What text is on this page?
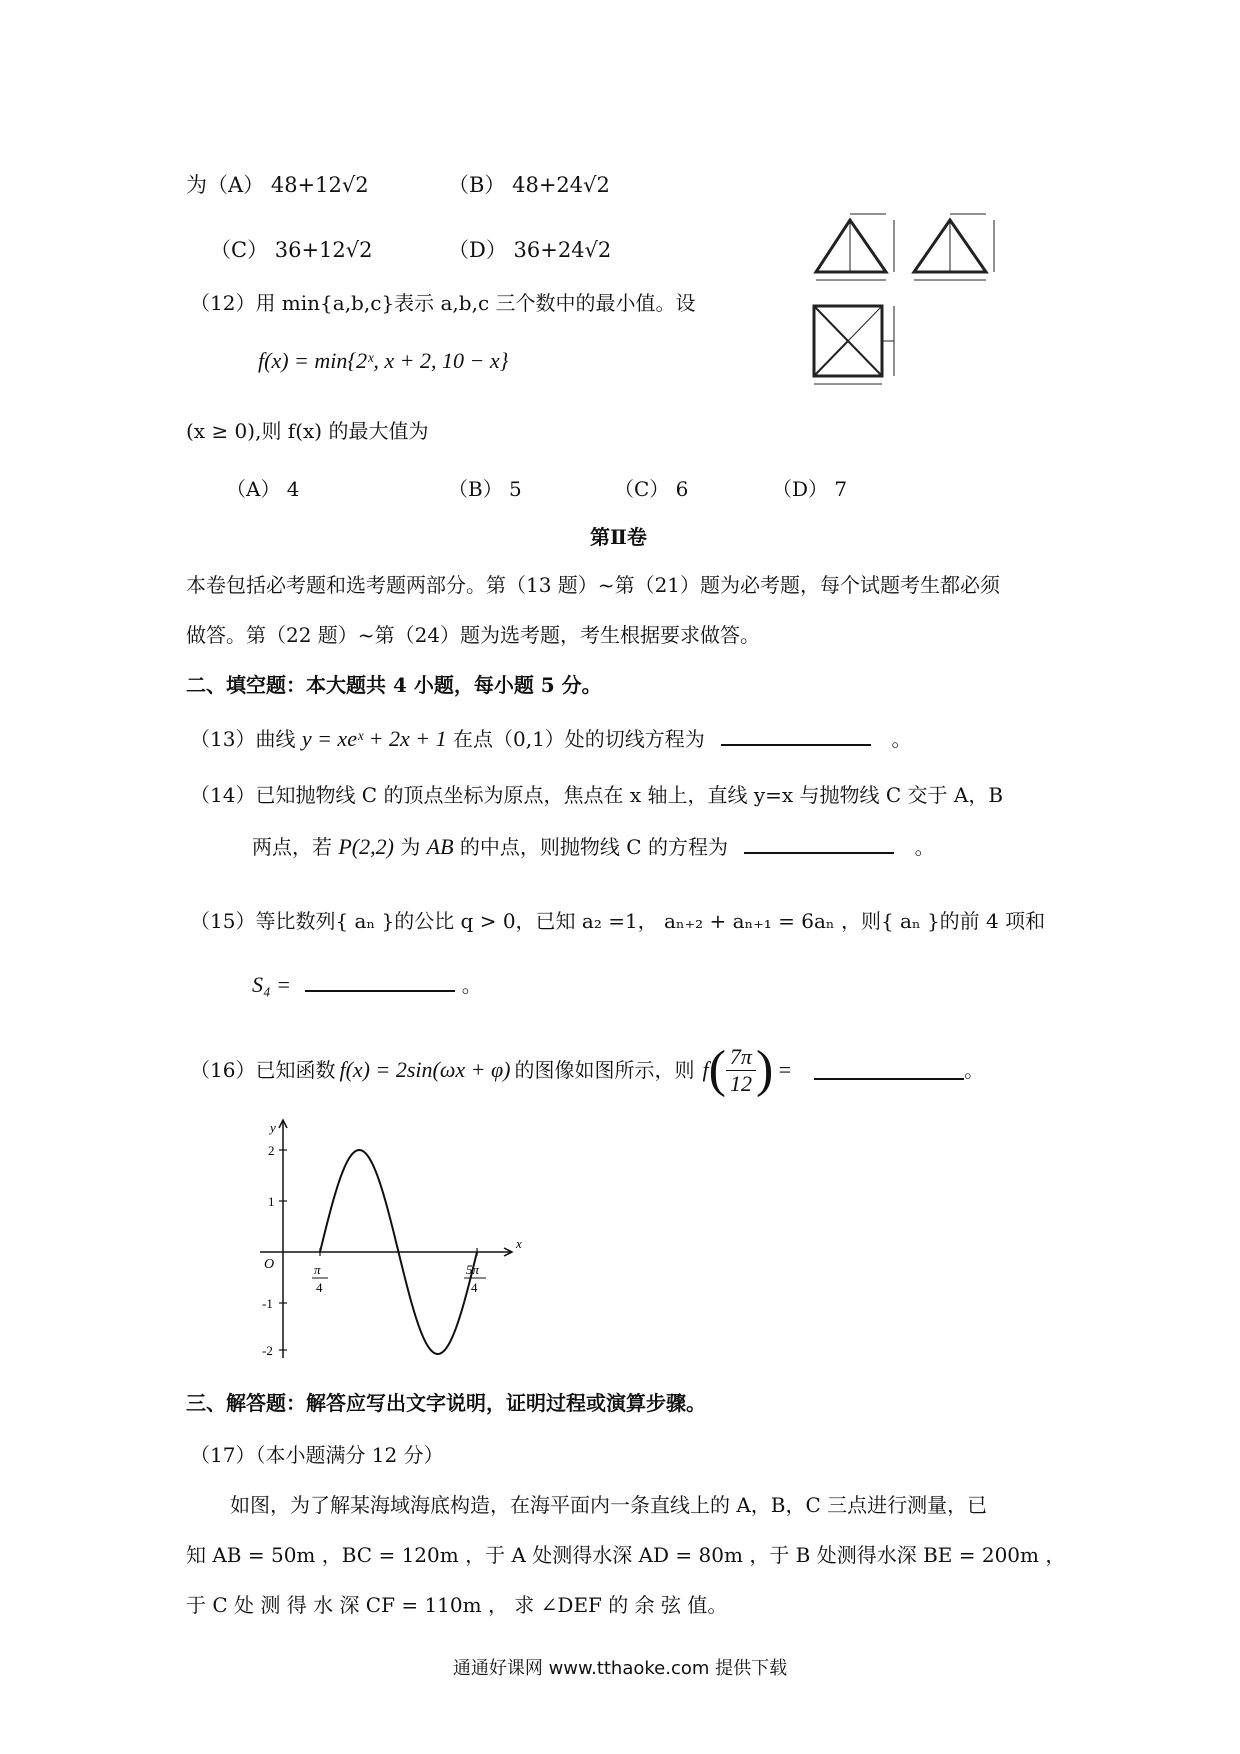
为（A） 48+12√2	（B） 48+24√2
（C） 36+12√2	（D） 36+24√2
（12）用 min{a,b,c}表示 a,b,c 三个数中的最小值。设
f(x) = min{2ˣ, x + 2, 10 − x}
(x ≥ 0),则 f(x) 的最大值为
（A） 4	（B） 5	（C） 6	（D） 7
第Ⅱ卷
本卷包括必考题和选考题两部分。第（13 题）~第（21）题为必考题，每个试题考生都必须
做答。第（22 题）~第（24）题为选考题，考生根据要求做答。
二、填空题：本大题共 4 小题，每小题 5 分。
（13）曲线 y = xeˣ + 2x + 1 在点（0,1）处的切线方程为	。
（14）已知抛物线 C 的顶点坐标为原点，焦点在 x 轴上，直线 y=x 与抛物线 C 交于 A，B
两点，若 P(2,2) 为 AB 的中点，则抛物线 C 的方程为	。
（15）等比数列{ aₙ }的公比 q > 0，已知 a₂ =1， aₙ₊₂ + aₙ₊₁ = 6aₙ ，则{ aₙ }的前 4 项和
S₄ =	。
（16）已知函数 f(x) = 2sin(ωx + φ) 的图像如图所示，则 f ( $\frac{7\pi}{12}$ ) =	。
y
x
O
2
1
-1
-2
π
4
5π
4
三、解答题：解答应写出文字说明，证明过程或演算步骤。
（17）（本小题满分 12 分）
如图，为了解某海域海底构造，在海平面内一条直线上的 A，B，C 三点进行测量，已
知 AB = 50m ，BC = 120m ，于 A 处测得水深 AD = 80m ，于 B 处测得水深 BE = 200m ，
于 C 处 测 得 水 深 CF = 110m ， 求 ∠DEF 的 余 弦 值。
通通好课网 www.tthaoke.com 提供下载
